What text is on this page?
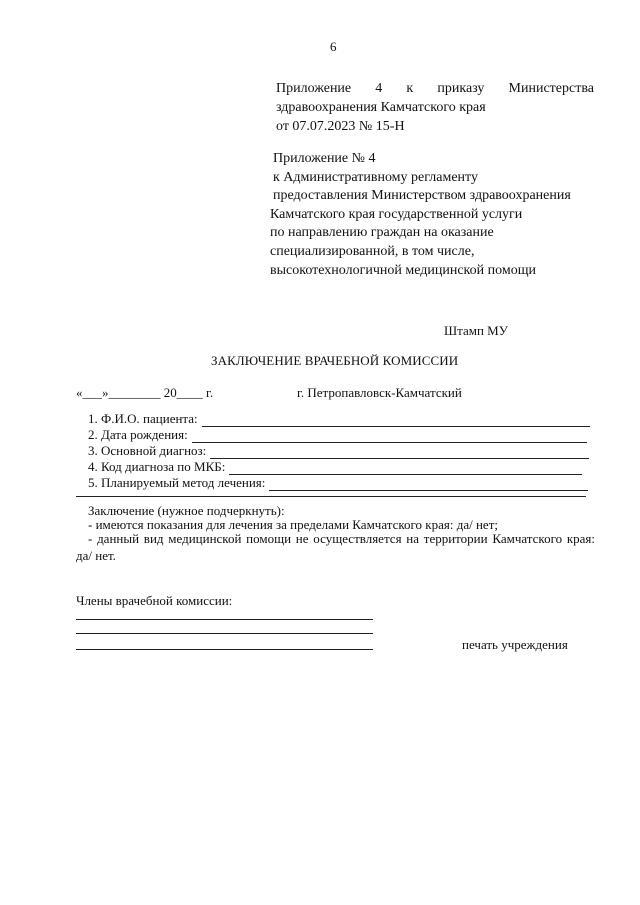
6
Приложение 4 к приказу Министерства
здравоохранения Камчатского края
от 07.07.2023 № 15-Н
Приложение № 4
к Административному регламенту
предоставления Министерством здравоохранения
Камчатского края государственной услуги
по направлению граждан на оказание
специализированной, в том числе,
высокотехнологичной медицинской помощи
Штамп МУ
ЗАКЛЮЧЕНИЕ ВРАЧЕБНОЙ КОМИССИИ
«___»________ 20____ г.	г. Петропавловск-Камчатский
1. Ф.И.О. пациента:
2. Дата рождения:
3. Основной диагноз:
4. Код диагноза по МКБ:
5. Планируемый метод лечения:
Заключение (нужное подчеркнуть):
- имеются показания для лечения за пределами Камчатского края: да/ нет;
- данный вид медицинской помощи не осуществляется на территории Камчатского края:
да/ нет.
Члены врачебной комиссии:
печать учреждения
